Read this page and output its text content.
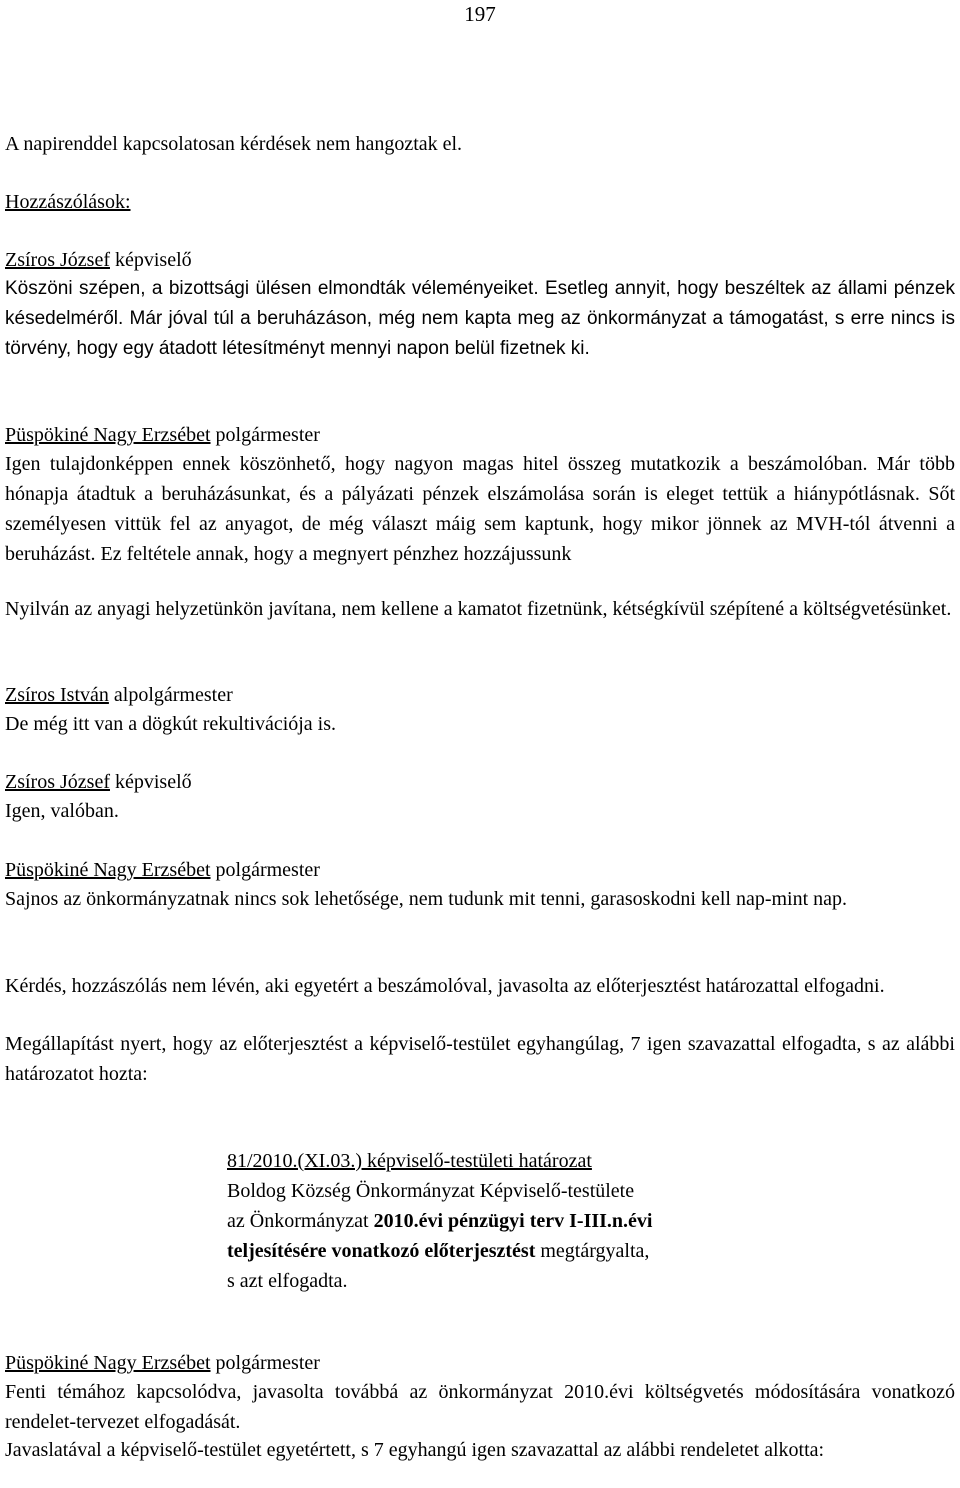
197

A napirenddel kapcsolatosan kérdések nem hangoztak el.

Hozzászólások:

Zsíros József képviselő

Köszöni szépen, a bizottsági ülésen elmondták véleményeiket. Esetleg annyit, hogy beszéltek az állami pénzek késedelméről. Már jóval túl a beruházáson, még nem kapta meg az önkormányzat a támogatást, s erre nincs is törvény, hogy egy átadott létesítményt mennyi napon belül fizetnek ki.

Püspökiné Nagy Erzsébet polgármester

Igen tulajdonképpen ennek köszönhető, hogy nagyon magas hitel összeg mutatkozik a beszámolóban. Már több hónapja átadtuk a beruházásunkat, és a pályázati pénzek elszámolása során is eleget tettük a hiánypótlásnak. Sőt személyesen vittük fel az anyagot, de még választ máig sem kaptunk, hogy mikor jönnek az MVH-tól átvenni a beruházást. Ez feltétele annak, hogy a megnyert pénzhez hozzájussunk

Nyilván az anyagi helyzetünkön javítana, nem kellene a kamatot fizetnünk, kétségkívül szépítené a költségvetésünket.

Zsíros István alpolgármester

De még itt van a dögkút rekultivációja is.

Zsíros József képviselő

Igen, valóban.

Püspökiné Nagy Erzsébet polgármester

Sajnos az önkormányzatnak nincs sok lehetősége, nem tudunk mit tenni, garasoskodni kell nap-mint nap.

Kérdés, hozzászólás nem lévén, aki egyetért a beszámolóval, javasolta az előterjesztést határozattal elfogadni.

Megállapítást nyert, hogy az előterjesztést a képviselő-testület egyhangúlag, 7 igen szavazattal elfogadta, s az alábbi határozatot hozta:

81/2010.(XI.03.) képviselő-testületi határozat
Boldog Község Önkormányzat Képviselő-testülete
az Önkormányzat 2010.évi pénzügyi terv I-III.n.évi
teljesítésére vonatkozó előterjesztést megtárgyalta,
s azt elfogadta.
Püspökiné Nagy Erzsébet polgármester

Fenti témához kapcsolódva, javasolta továbbá az önkormányzat 2010.évi költségvetés módosítására vonatkozó rendelet-tervezet elfogadását.

Javaslatával a képviselő-testület egyetértett, s 7 egyhangú igen szavazattal az alábbi rendeletet alkotta:
